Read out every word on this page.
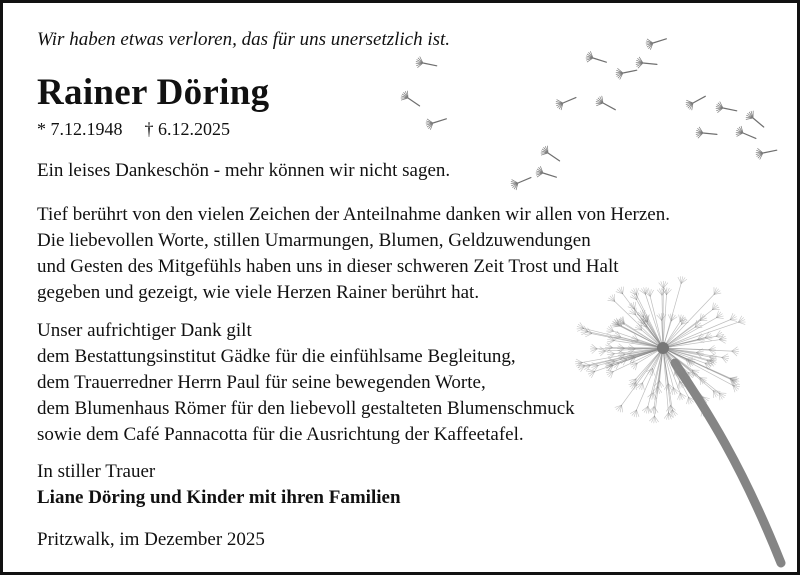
Wir haben etwas verloren, das für uns unersetzlich ist.

Rainer Döring

* 7.12.1948 † 6.12.2025

Ein leises Dankeschön - mehr können wir nicht sagen.

Tief berührt von den vielen Zeichen der Anteilnahme danken wir allen von Herzen.
Die liebevollen Worte, stillen Umarmungen, Blumen, Geldzuwendungen
und Gesten des Mitgefühls haben uns in dieser schweren Zeit Trost und Halt
gegeben und gezeigt, wie viele Herzen Rainer berührt hat.
Unser aufrichtiger Dank gilt
dem Bestattungsinstitut Gädke für die einfühlsame Begleitung,
dem Trauerredner Herrn Paul für seine bewegenden Worte,
dem Blumenhaus Römer für den liebevoll gestalteten Blumenschmuck
sowie dem Café Pannacotta für die Ausrichtung der Kaffeetafel.

In stiller Trauer

Liane Döring und Kinder mit ihren Familien

Pritzwalk, im Dezember 2025
